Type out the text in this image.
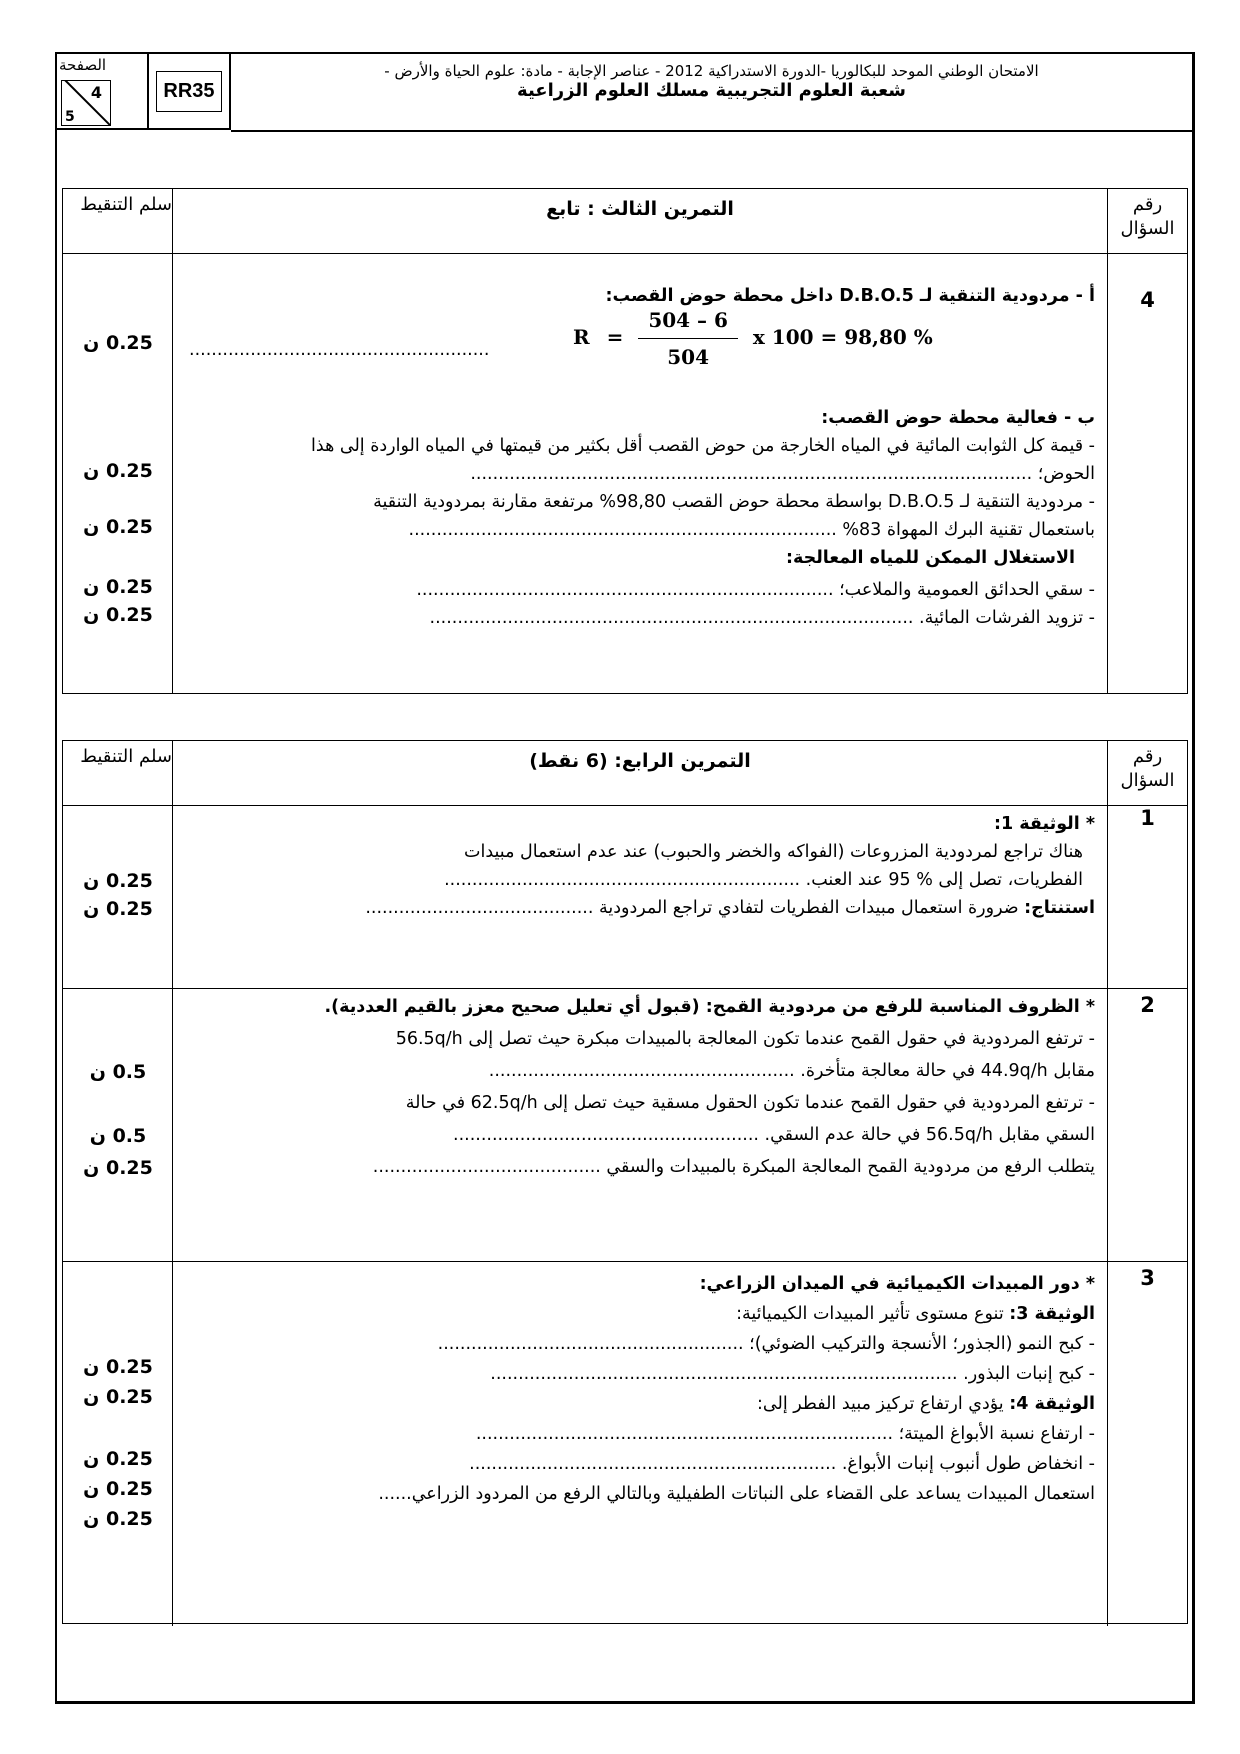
الصفحة
4
5
RR35
الامتحان الوطني الموحد للبكالوريا -الدورة الاستدراكية 2012 - عناصر الإجابة - مادة: علوم الحياة والأرض -
شعبة العلوم التجريبية مسلك العلوم الزراعية
رقم السؤال
التمرين الثالث : تابع
سلم التنقيط
4
أ - مردودية التنقية لـ D.B.O.5 داخل محطة حوض القصب:
$R = \frac{504 - 6}{504}$ x 100 = 98,80 %
......................................................
ب - فعالية محطة حوض القصب:
- قيمة كل الثوابت المائية في المياه الخارجة من حوض القصب أقل بكثير من قيمتها في المياه الواردة إلى هذا
الحوض؛ .....................................................................................................
- مردودية التنقية لـ D.B.O.5 بواسطة محطة حوض القصب 98,80% مرتفعة مقارنة بمردودية التنقية
باستعمال تقنية البرك المهواة 83% .............................................................................
الاستغلال الممكن للمياه المعالجة:
- سقي الحدائق العمومية والملاعب؛ ...........................................................................
- تزويد الفرشات المائية. .......................................................................................
0.25 ن
0.25 ن
0.25 ن
0.25 ن
0.25 ن
رقم السؤال
التمرين الرابع: (6 نقط)
سلم التنقيط
1
* الوثيقة 1:
هناك تراجع لمردودية المزروعات (الفواكه والخضر والحبوب) عند عدم استعمال مبيدات
الفطريات، تصل إلى % 95 عند العنب. ................................................................
استنتاج: ضرورة استعمال مبيدات الفطريات لتفادي تراجع المردودية .........................................
0.25 ن
0.25 ن
2
* الظروف المناسبة للرفع من مردودية القمح: (قبول أي تعليل صحيح معزز بالقيم العددية).
- ترتفع المردودية في حقول القمح عندما تكون المعالجة بالمبيدات مبكرة حيث تصل إلى 56.5q/h
مقابل 44.9q/h في حالة معالجة متأخرة. .......................................................
- ترتفع المردودية في حقول القمح عندما تكون الحقول مسقية حيث تصل إلى 62.5q/h في حالة
السقي مقابل 56.5q/h في حالة عدم السقي. .......................................................
يتطلب الرفع من مردودية القمح المعالجة المبكرة بالمبيدات والسقي .........................................
0.5 ن
0.5 ن
0.25 ن
3
* دور المبيدات الكيميائية في الميدان الزراعي:
الوثيقة 3: تنوع مستوى تأثير المبيدات الكيميائية:
- كبح النمو (الجذور؛ الأنسجة والتركيب الضوئي)؛ .......................................................
- كبح إنبات البذور. ....................................................................................
الوثيقة 4: يؤدي ارتفاع تركيز مبيد الفطر إلى:
- ارتفاع نسبة الأبواغ الميتة؛ ...........................................................................
- انخفاض طول أنبوب إنبات الأبواغ. ..................................................................
استعمال المبيدات يساعد على القضاء على النباتات الطفيلية وبالتالي الرفع من المردود الزراعي......
0.25 ن
0.25 ن
0.25 ن
0.25 ن
0.25 ن
